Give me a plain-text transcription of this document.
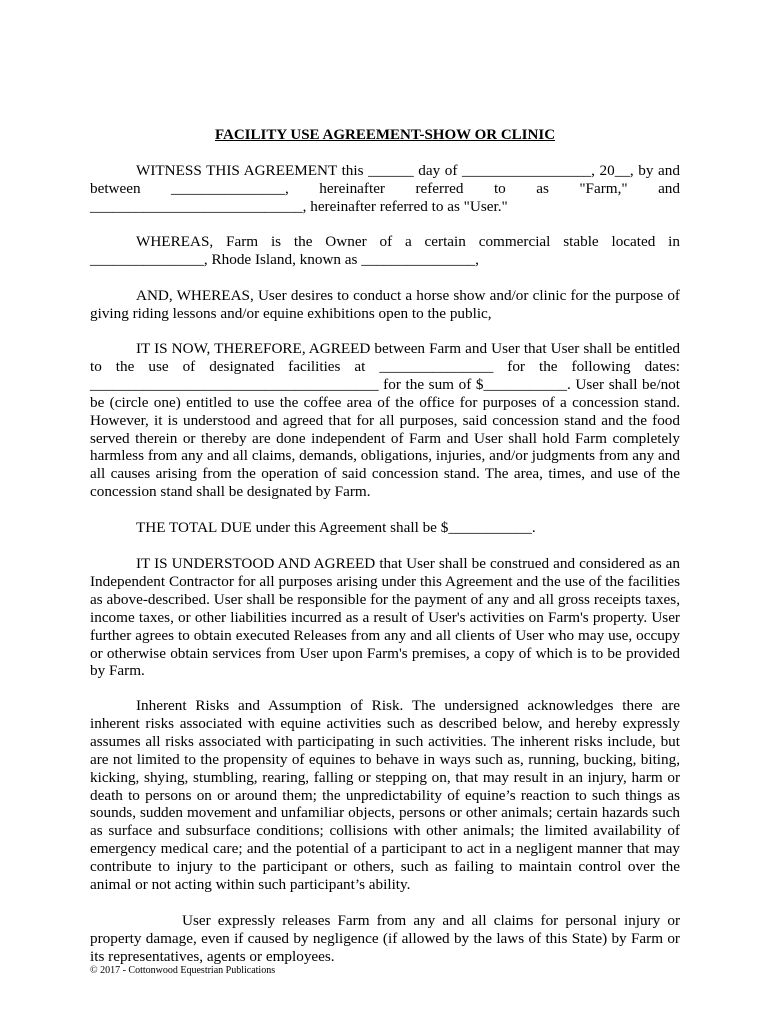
FACILITY USE AGREEMENT-SHOW OR CLINIC

WITNESS THIS AGREEMENT this ______ day of _________________, 20__, by and between _______________, hereinafter referred to as "Farm," and ____________________________, hereinafter referred to as "User."

WHEREAS, Farm is the Owner of a certain commercial stable located in _______________, Rhode Island, known as _______________,

AND, WHEREAS, User desires to conduct a horse show and/or clinic for the purpose of giving riding lessons and/or equine exhibitions open to the public,

IT IS NOW, THEREFORE, AGREED between Farm and User that User shall be entitled to the use of designated facilities at _______________ for the following dates: ______________________________________ for the sum of $___________. User shall be/not be (circle one) entitled to use the coffee area of the office for purposes of a concession stand. However, it is understood and agreed that for all purposes, said concession stand and the food served therein or thereby are done independent of Farm and User shall hold Farm completely harmless from any and all claims, demands, obligations, injuries, and/or judgments from any and all causes arising from the operation of said concession stand. The area, times, and use of the concession stand shall be designated by Farm.

THE TOTAL DUE under this Agreement shall be $___________.

IT IS UNDERSTOOD AND AGREED that User shall be construed and considered as an Independent Contractor for all purposes arising under this Agreement and the use of the facilities as above-described. User shall be responsible for the payment of any and all gross receipts taxes, income taxes, or other liabilities incurred as a result of User's activities on Farm's property. User further agrees to obtain executed Releases from any and all clients of User who may use, occupy or otherwise obtain services from User upon Farm's premises, a copy of which is to be provided by Farm.

Inherent Risks and Assumption of Risk. The undersigned acknowledges there are inherent risks associated with equine activities such as described below, and hereby expressly assumes all risks associated with participating in such activities. The inherent risks include, but are not limited to the propensity of equines to behave in ways such as, running, bucking, biting, kicking, shying, stumbling, rearing, falling or stepping on, that may result in an injury, harm or death to persons on or around them; the unpredictability of equine’s reaction to such things as sounds, sudden movement and unfamiliar objects, persons or other animals; certain hazards such as surface and subsurface conditions; collisions with other animals; the limited availability of emergency medical care; and the potential of a participant to act in a negligent manner that may contribute to injury to the participant or others, such as failing to maintain control over the animal or not acting within such participant’s ability.

User expressly releases Farm from any and all claims for personal injury or property damage, even if caused by negligence (if allowed by the laws of this State) by Farm or its representatives, agents or employees.

© 2017 - Cottonwood Equestrian Publications
